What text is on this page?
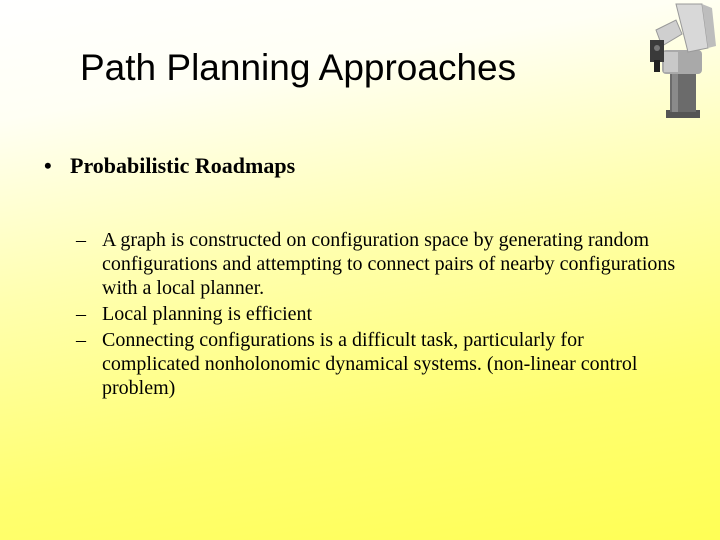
Path Planning Approaches
• Probabilistic Roadmaps
– A graph is constructed on configuration space by generating random configurations and attempting to connect pairs of nearby configurations with a local planner.
– Local planning is efficient
– Connecting configurations is a difficult task, particularly for complicated nonholonomic dynamical systems. (non-linear control problem)
